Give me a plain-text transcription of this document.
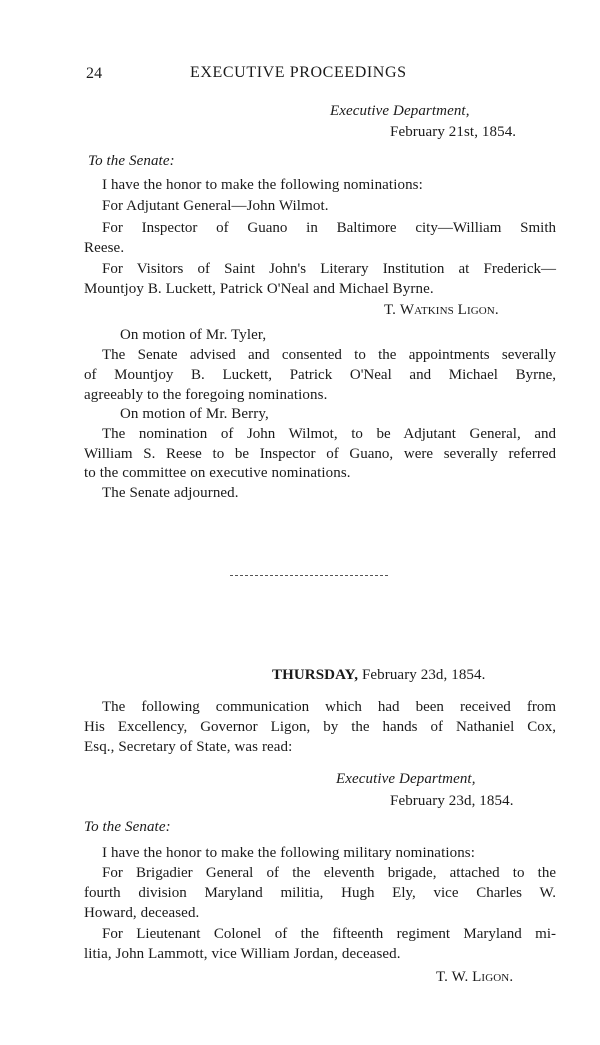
24	EXECUTIVE PROCEEDINGS
Executive Department,
February 21st, 1854.
To the Senate:
I have the honor to make the following nominations:
For Adjutant General—John Wilmot.
For Inspector of Guano in Baltimore city—William Smith
Reese.
For Visitors of Saint John's Literary Institution at Frederick—
Mountjoy B. Luckett, Patrick O'Neal and Michael Byrne.
T. Watkins Ligon.
On motion of Mr. Tyler,
The Senate advised and consented to the appointments severally
of Mountjoy B. Luckett, Patrick O'Neal and Michael Byrne,
agreeably to the foregoing nominations.
On motion of Mr. Berry,
The nomination of John Wilmot, to be Adjutant General, and
William S. Reese to be Inspector of Guano, were severally referred
to the committee on executive nominations.
The Senate adjourned.
THURSDAY, February 23d, 1854.
The following communication which had been received from
His Excellency, Governor Ligon, by the hands of Nathaniel Cox,
Esq., Secretary of State, was read:
Executive Department,
February 23d, 1854.
To the Senate:
I have the honor to make the following military nominations:
For Brigadier General of the eleventh brigade, attached to the
fourth division Maryland militia, Hugh Ely, vice Charles W.
Howard, deceased.
For Lieutenant Colonel of the fifteenth regiment Maryland mi-
litia, John Lammott, vice William Jordan, deceased.
T. W. Ligon.
